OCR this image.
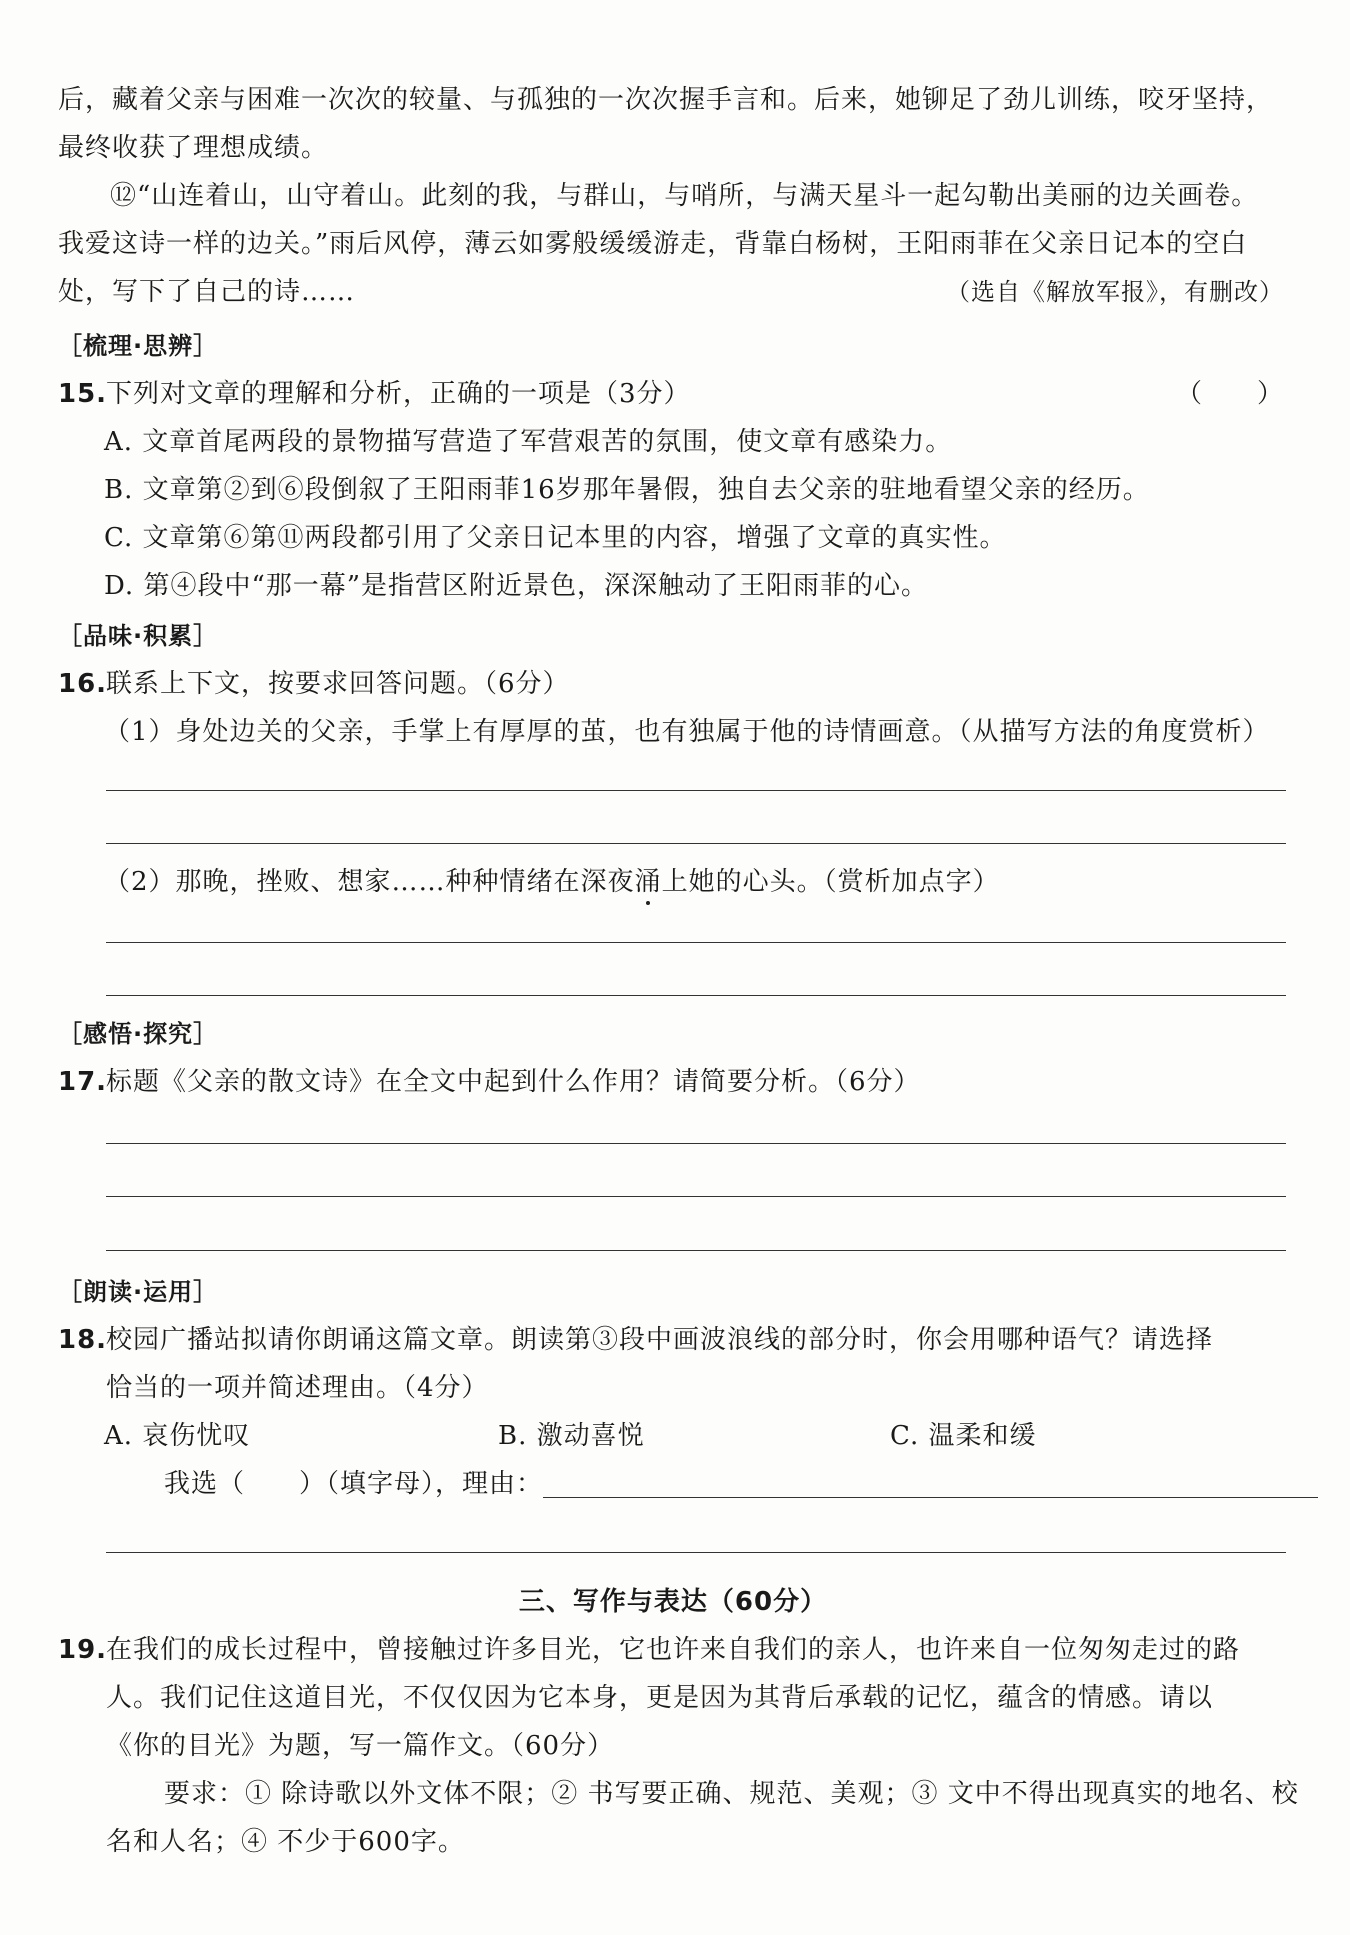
后，藏着父亲与困难一次次的较量、与孤独的一次次握手言和。后来，她铆足了劲儿训练，咬牙坚持，
最终收获了理想成绩。
⑫“山连着山，山守着山。此刻的我，与群山，与哨所，与满天星斗一起勾勒出美丽的边关画卷。
我爱这诗一样的边关。”雨后风停，薄云如雾般缓缓游走，背靠白杨树，王阳雨菲在父亲日记本的空白
处，写下了自己的诗……	（选自《解放军报》，有删改）
［梳理·思辨］
15.下列对文章的理解和分析，正确的一项是（3分）	（　　）
A. 文章首尾两段的景物描写营造了军营艰苦的氛围，使文章有感染力。
B. 文章第②到⑥段倒叙了王阳雨菲16岁那年暑假，独自去父亲的驻地看望父亲的经历。
C. 文章第⑥第⑪两段都引用了父亲日记本里的内容，增强了文章的真实性。
D. 第④段中“那一幕”是指营区附近景色，深深触动了王阳雨菲的心。
［品味·积累］
16.联系上下文，按要求回答问题。（6分）
（1）身处边关的父亲，手掌上有厚厚的茧，也有独属于他的诗情画意。（从描写方法的角度赏析）
（2）那晚，挫败、想家……种种情绪在深夜涌上她的心头。（赏析加点字）
［感悟·探究］
17.标题《父亲的散文诗》在全文中起到什么作用？请简要分析。（6分）
［朗读·运用］
18.校园广播站拟请你朗诵这篇文章。朗读第③段中画波浪线的部分时，你会用哪种语气？请选择
恰当的一项并简述理由。（4分）
A. 哀伤忧叹	B. 激动喜悦	C. 温柔和缓
我选（　　）（填字母），理由：
三、写作与表达（60分）
19.在我们的成长过程中，曾接触过许多目光，它也许来自我们的亲人，也许来自一位匆匆走过的路
人。我们记住这道目光，不仅仅因为它本身，更是因为其背后承载的记忆，蕴含的情感。请以
《你的目光》为题，写一篇作文。（60分）
要求：① 除诗歌以外文体不限；② 书写要正确、规范、美观；③ 文中不得出现真实的地名、校
名和人名；④ 不少于600字。
